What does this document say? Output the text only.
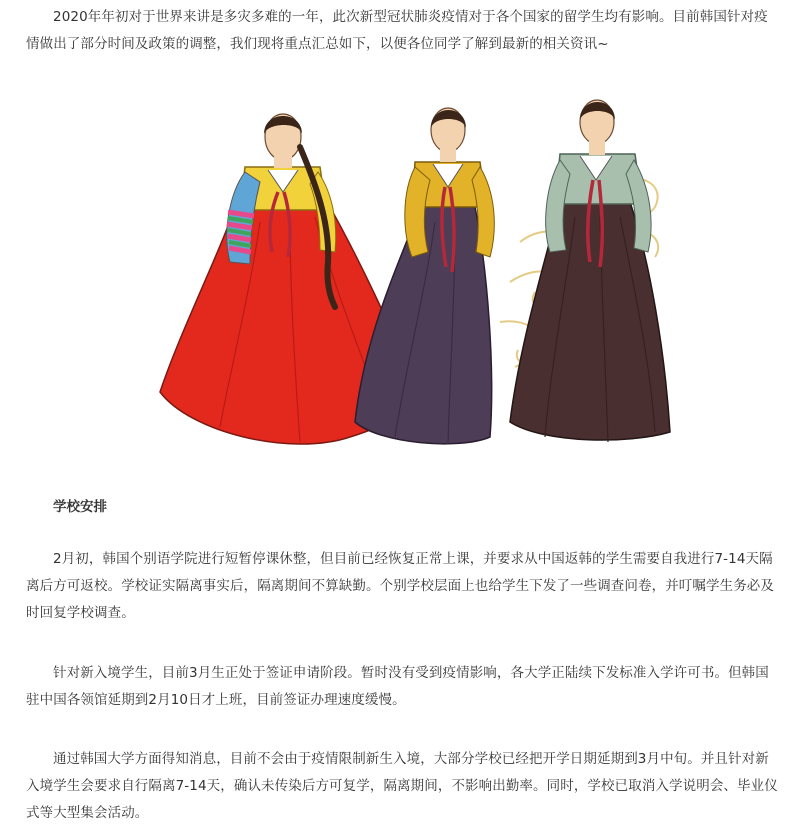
2020年年初对于世界来讲是多灾多难的一年，此次新型冠状肺炎疫情对于各个国家的留学生均有影响。目前韩国针对疫情做出了部分时间及政策的调整，我们现将重点汇总如下，以便各位同学了解到最新的相关资讯~

学校安排

2月初，韩国个别语学院进行短暂停课休整，但目前已经恢复正常上课，并要求从中国返韩的学生需要自我进行7-14天隔离后方可返校。学校证实隔离事实后，隔离期间不算缺勤。个别学校层面上也给学生下发了一些调查问卷，并叮嘱学生务必及时回复学校调查。

针对新入境学生，目前3月生正处于签证申请阶段。暂时没有受到疫情影响，各大学正陆续下发标准入学许可书。但韩国驻中国各领馆延期到2月10日才上班，目前签证办理速度缓慢。

通过韩国大学方面得知消息，目前不会由于疫情限制新生入境，大部分学校已经把开学日期延期到3月中旬。并且针对新入境学生会要求自行隔离7-14天，确认未传染后方可复学，隔离期间，不影响出勤率。同时，学校已取消入学说明会、毕业仪式等大型集会活动。
